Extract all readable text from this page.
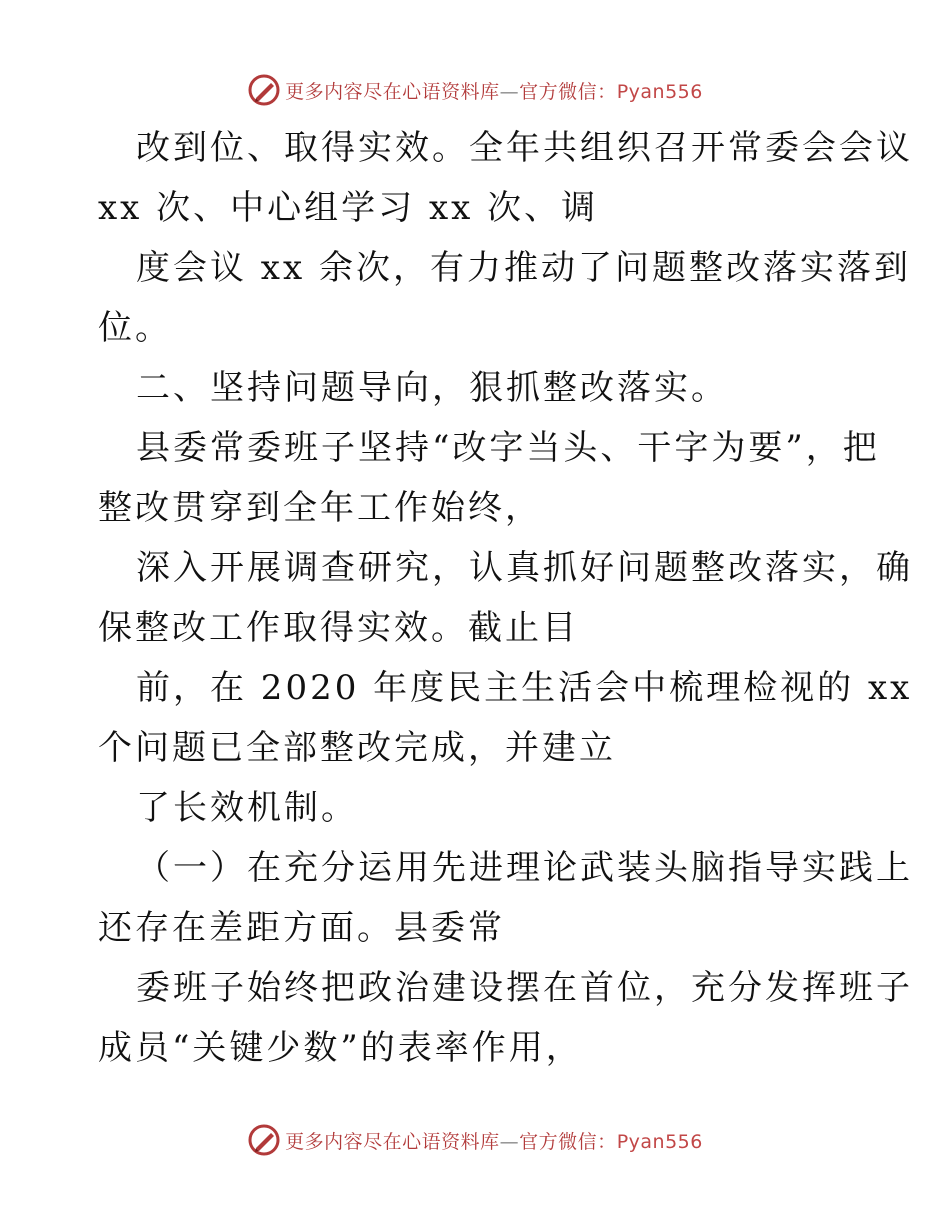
更多内容尽在心语资料库—官方微信：Pyan556
改到位、取得实效。全年共组织召开常委会会议
xx 次、中心组学习 xx 次、调
度会议 xx 余次，有力推动了问题整改落实落到
位。
二、坚持问题导向，狠抓整改落实。
县委常委班子坚持“改字当头、干字为要”，把
整改贯穿到全年工作始终，
深入开展调查研究，认真抓好问题整改落实，确
保整改工作取得实效。截止目
前，在 2020 年度民主生活会中梳理检视的 xx
个问题已全部整改完成，并建立
了长效机制。
（一）在充分运用先进理论武装头脑指导实践上
还存在差距方面。县委常
委班子始终把政治建设摆在首位，充分发挥班子
成员“关键少数”的表率作用，
更多内容尽在心语资料库—官方微信：Pyan556
